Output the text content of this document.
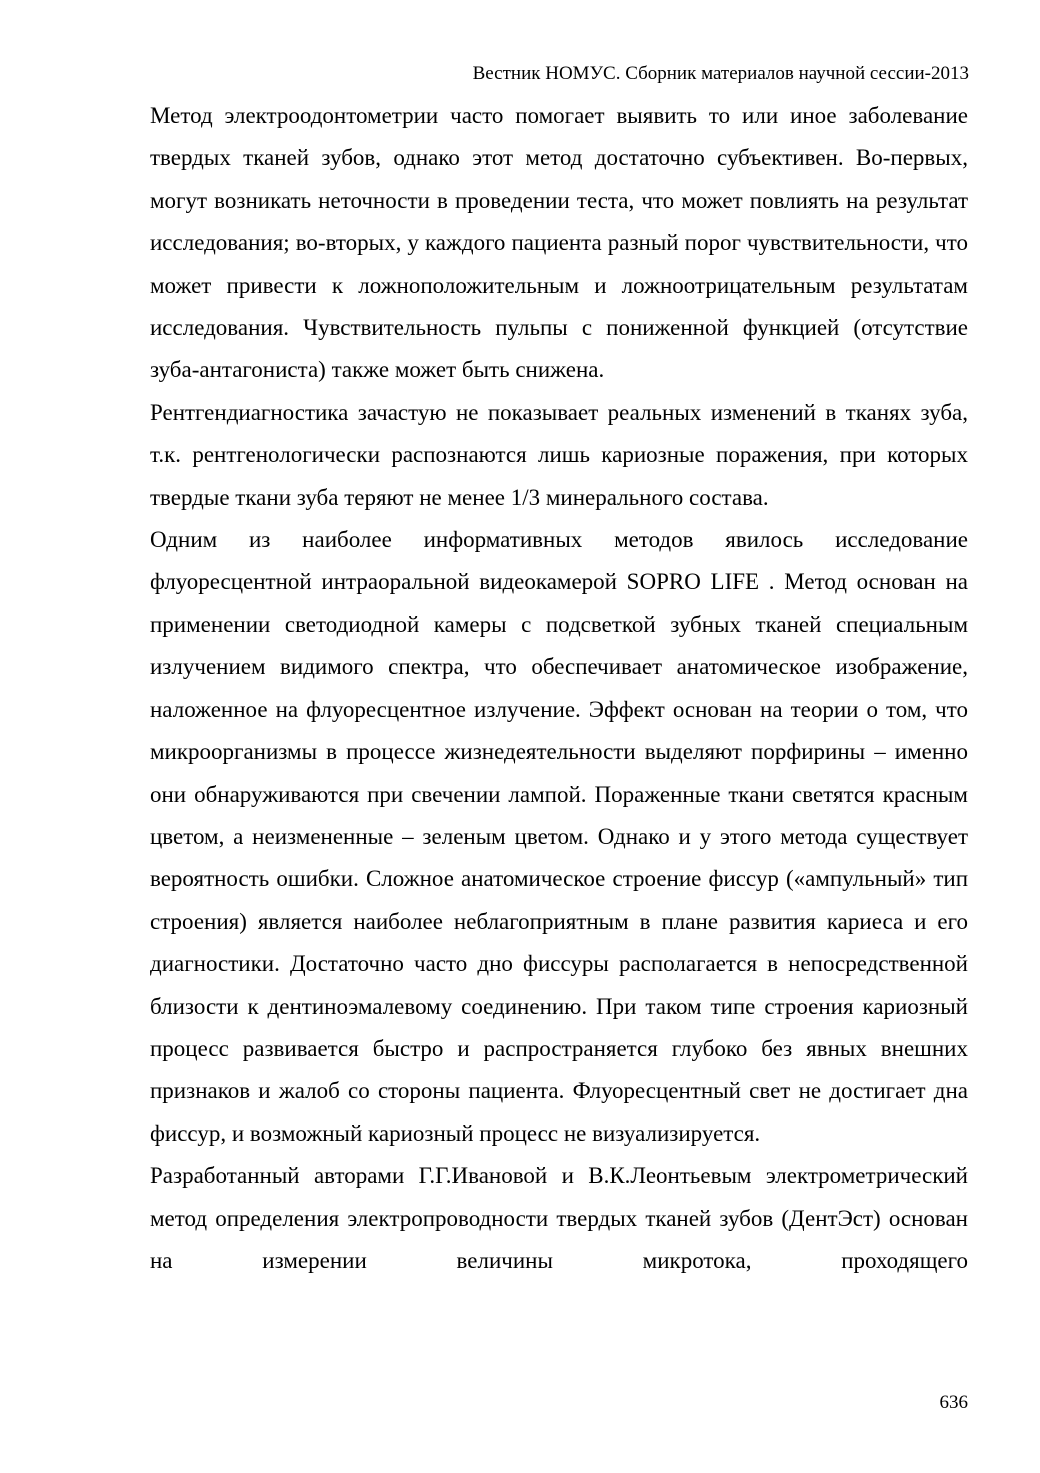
Вестник НОМУС. Сборник материалов научной сессии-2013

Метод электроодонтометрии часто помогает выявить то или иное заболевание твердых тканей зубов, однако этот метод достаточно субъективен. Во-первых, могут возникать неточности в проведении теста, что может повлиять на результат исследования; во-вторых, у каждого пациента разный порог чувствительности, что может привести к ложноположительным и ложноотрицательным результатам исследования. Чувствительность пульпы с пониженной функцией (отсутствие зуба-антагониста) также может быть снижена.

Рентгендиагностика зачастую не показывает реальных изменений в тканях зуба, т.к. рентгенологически распознаются лишь кариозные поражения, при которых твердые ткани зуба теряют не менее 1/3 минерального состава.

Одним из наиболее информативных методов явилось исследование флуоресцентной интраоральной видеокамерой SOPRO LIFE . Метод основан на применении светодиодной камеры с подсветкой зубных тканей специальным излучением видимого спектра, что обеспечивает анатомическое изображение, наложенное на флуоресцентное излучение. Эффект основан на теории о том, что микроорганизмы в процессе жизнедеятельности выделяют порфирины – именно они обнаруживаются при свечении лампой. Пораженные ткани светятся красным цветом, а неизмененные – зеленым цветом. Однако и у этого метода существует вероятность ошибки. Сложное анатомическое строение фиссур («ампульный» тип строения) является наиболее неблагоприятным в плане развития кариеса и его диагностики. Достаточно часто дно фиссуры располагается в непосредственной близости к дентиноэмалевому соединению. При таком типе строения кариозный процесс развивается быстро и распространяется глубоко без явных внешних признаков и жалоб со стороны пациента. Флуоресцентный свет не достигает дна фиссур, и возможный кариозный процесс не визуализируется.

Разработанный авторами Г.Г.Ивановой и В.К.Леонтьевым электрометрический метод определения электропроводности твердых тканей зубов (ДентЭст) основан на измерении величины микротока, проходящего

636
